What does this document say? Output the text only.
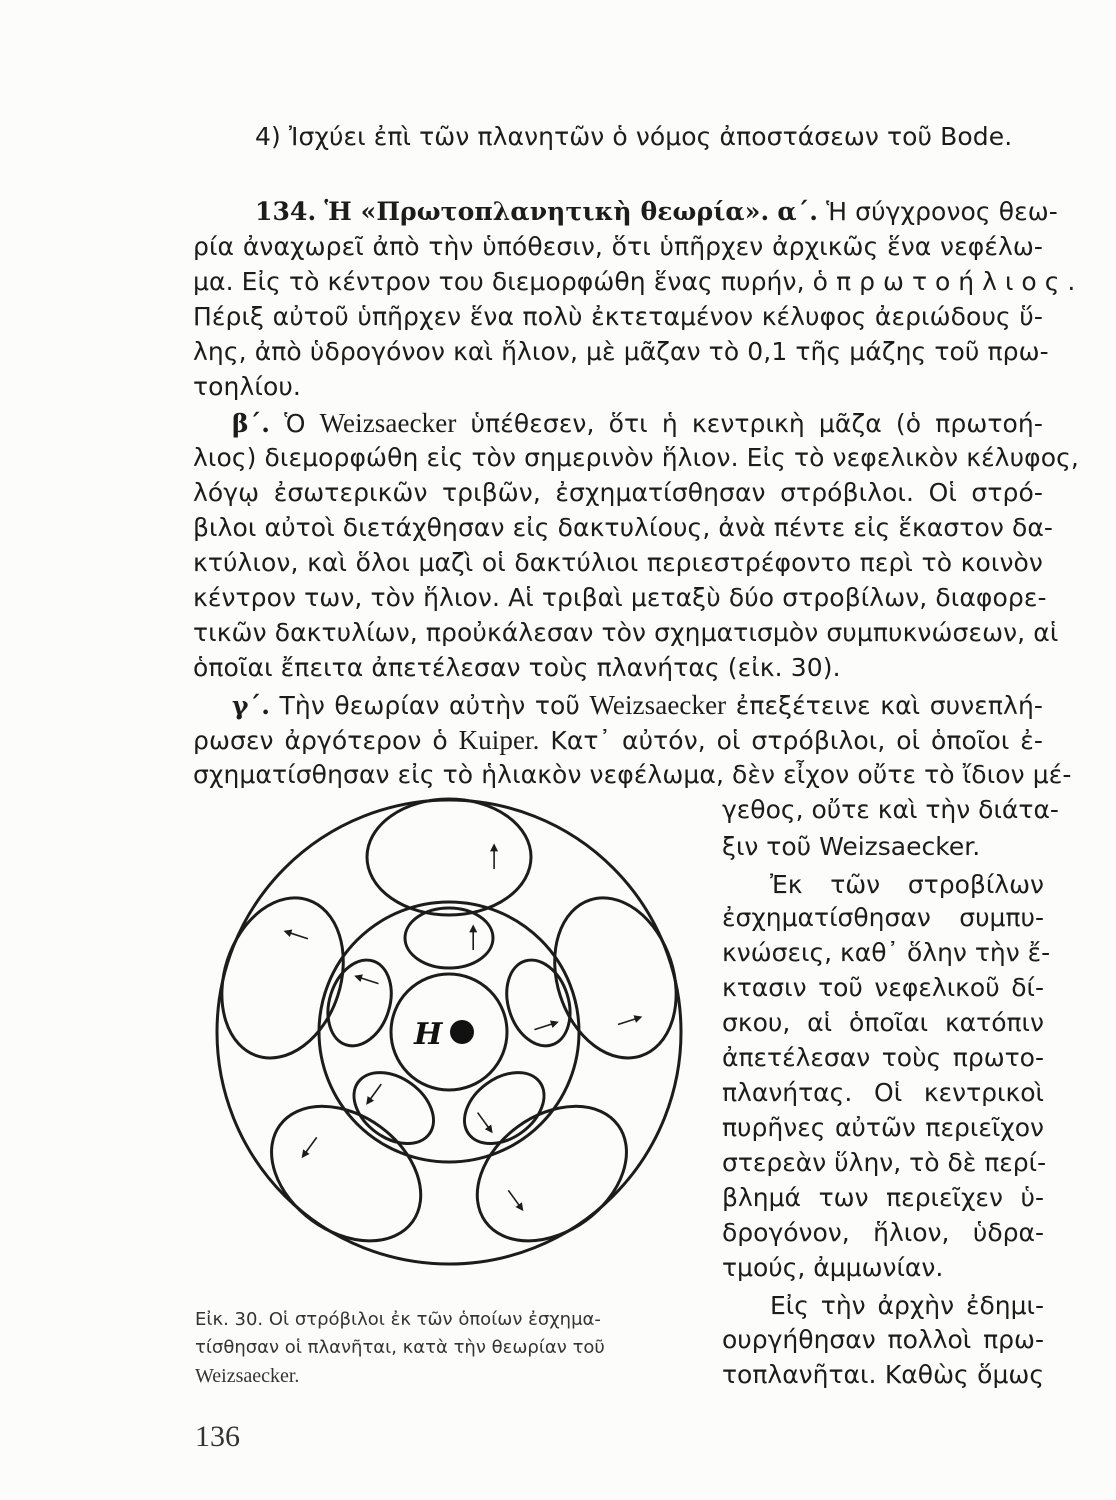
4) Ἰσχύει ἐπὶ τῶν πλανητῶν ὁ νόμος ἀποστάσεων τοῦ Bode.
134. Ἡ «Πρωτοπλανητικὴ θεωρία». α΄. Ἡ σύγχρονος θεω-
ρία ἀναχωρεῖ ἀπὸ τὴν ὑπόθεσιν, ὅτι ὑπῆρχεν ἀρχικῶς ἕνα νεφέλω-
μα. Εἰς τὸ κέντρον του διεμορφώθη ἕνας πυρήν, ὁ πρωτοήλιος.
Πέριξ αὐτοῦ ὑπῆρχεν ἕνα πολὺ ἐκτεταμένον κέλυφος ἀεριώδους ὕ-
λης, ἀπὸ ὑδρογόνον καὶ ἥλιον, μὲ μᾶζαν τὸ 0,1 τῆς μάζης τοῦ πρω-
τοηλίου.
β΄. Ὁ Weizsaecker ὑπέθεσεν, ὅτι ἡ κεντρικὴ μᾶζα (ὁ πρωτοή-
λιος) διεμορφώθη εἰς τὸν σημερινὸν ἥλιον. Εἰς τὸ νεφελικὸν κέλυφος,
λόγῳ ἐσωτερικῶν τριβῶν, ἐσχηματίσθησαν στρόβιλοι. Οἱ στρό-
βιλοι αὐτοὶ διετάχθησαν εἰς δακτυλίους, ἀνὰ πέντε εἰς ἕκαστον δα-
κτύλιον, καὶ ὅλοι μαζὶ οἱ δακτύλιοι περιεστρέφοντο περὶ τὸ κοινὸν
κέντρον των, τὸν ἥλιον. Αἱ τριβαὶ μεταξὺ δύο στροβίλων, διαφορε-
τικῶν δακτυλίων, προὐκάλεσαν τὸν σχηματισμὸν συμπυκνώσεων, αἱ
ὁποῖαι ἔπειτα ἀπετέλεσαν τοὺς πλανήτας (εἰκ. 30).
γ΄. Τὴν θεωρίαν αὐτὴν τοῦ Weizsaecker ἐπεξέτεινε καὶ συνεπλή-
ρωσεν ἀργότερον ὁ Kuiper. Κατ᾿ αὐτόν, οἱ στρόβιλοι, οἱ ὁποῖοι ἐ-
σχηματίσθησαν εἰς τὸ ἡλιακὸν νεφέλωμα, δὲν εἶχον οὔτε τὸ ἴδιον μέ-
γεθος, οὔτε καὶ τὴν διάτα-
ξιν τοῦ Weizsaecker.
Ἐκ τῶν στροβίλων
ἐσχηματίσθησαν συμπυ-
κνώσεις, καθ᾿ ὅλην τὴν ἔ-
κτασιν τοῦ νεφελικοῦ δί-
σκου, αἱ ὁποῖαι κατόπιν
ἀπετέλεσαν τοὺς πρωτο-
πλανήτας. Οἱ κεντρικοὶ
πυρῆνες αὐτῶν περιεῖχον
στερεὰν ὕλην, τὸ δὲ περί-
βλημά των περιεῖχεν ὑ-
δρογόνον, ἥλιον, ὑδρα-
τμούς, ἀμμωνίαν.
Εἰς τὴν ἀρχὴν ἐδημι-
ουργήθησαν πολλοὶ πρω-
τοπλανῆται. Καθὼς ὅμως
Η
Εἰκ. 30. Οἱ στρόβιλοι ἐκ τῶν ὁποίων ἐσχημα-
τίσθησαν οἱ πλανῆται, κατὰ τὴν θεωρίαν τοῦ
Weizsaecker.
136
